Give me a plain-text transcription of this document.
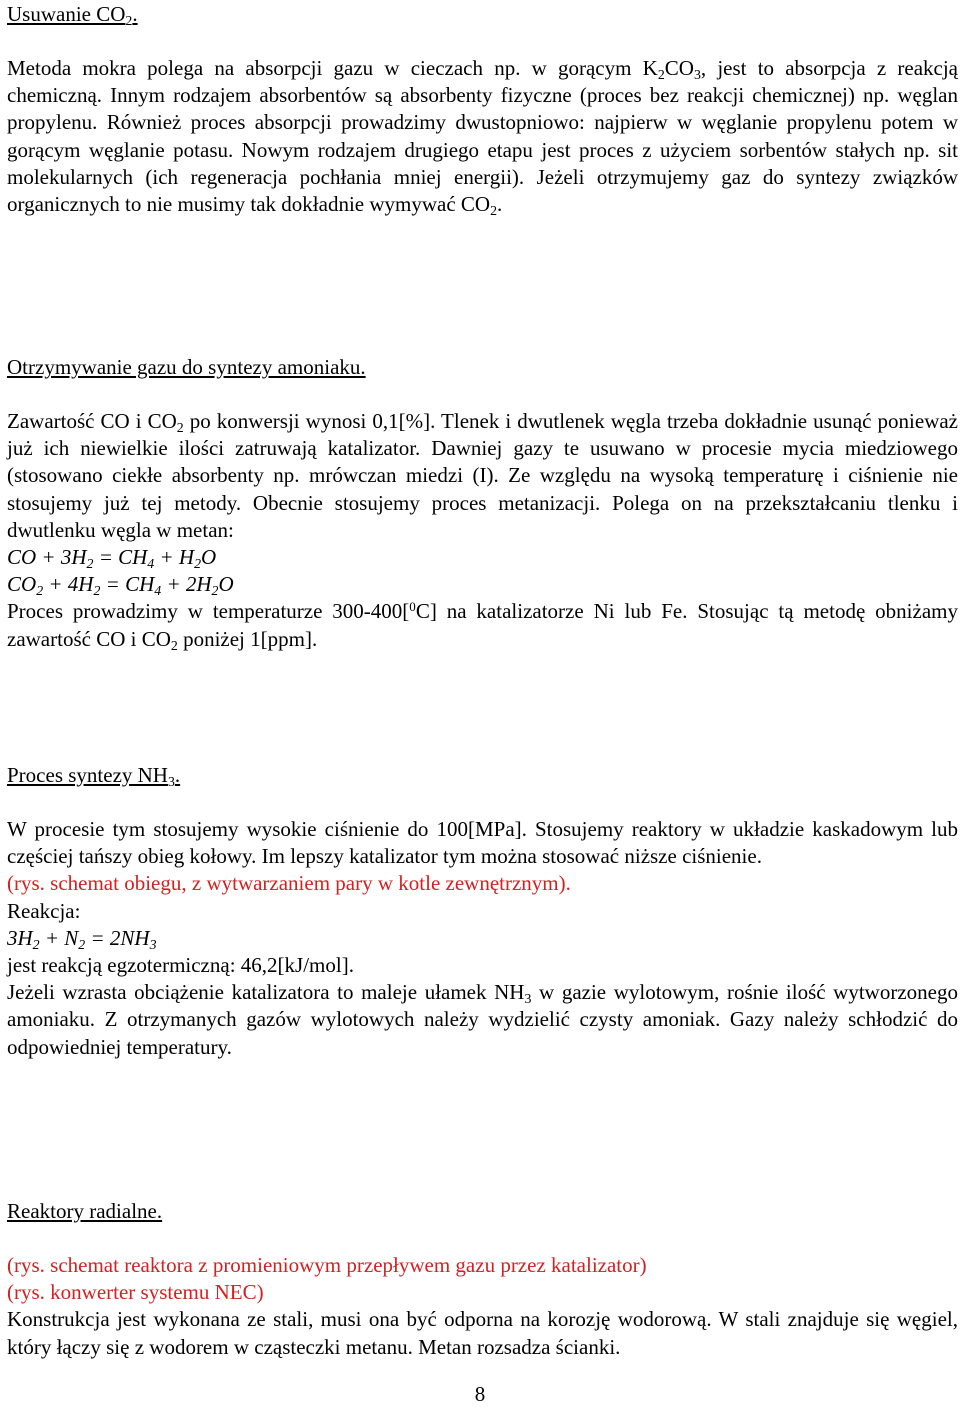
Usuwanie $CO_2$.

Metoda mokra polega na absorpcji gazu w cieczach np. w gorącym $K_2CO_3$, jest to absorpcja z reakcją chemiczną. Innym rodzajem absorbentów są absorbenty fizyczne (proces bez reakcji chemicznej) np. węglan propylenu. Również proces absorpcji prowadzimy dwustopniowo: najpierw w węglanie propylenu potem w gorącym węglanie potasu. Nowym rodzajem drugiego etapu jest proces z użyciem sorbentów stałych np. sit molekularnych (ich regeneracja pochłania mniej energii). Jeżeli otrzymujemy gaz do syntezy związków organicznych to nie musimy tak dokładnie wymywać $CO_2$.

Otrzymywanie gazu do syntezy amoniaku.

Zawartość CO i $CO_2$ po konwersji wynosi 0,1[%]. Tlenek i dwutlenek węgla trzeba dokładnie usunąć ponieważ już ich niewielkie ilości zatruwają katalizator. Dawniej gazy te usuwano w procesie mycia miedziowego (stosowano ciekłe absorbenty np. mrówczan miedzi (I). Ze względu na wysoką temperaturę i ciśnienie nie stosujemy już tej metody. Obecnie stosujemy proces metanizacji. Polega on na przekształcaniu tlenku i dwutlenku węgla w metan:

CO + $3H_2 = CH_4 + H_2O$

$CO_2 + 4H_2 = CH_4 + 2H_2O$

Proces prowadzimy w temperaturze 300-400[$^0$C] na katalizatorze Ni lub Fe. Stosując tą metodę obniżamy zawartość CO i $CO_2$ poniżej 1[ppm].

Proces syntezy $NH_3$.

W procesie tym stosujemy wysokie ciśnienie do 100[MPa]. Stosujemy reaktory w układzie kaskadowym lub częściej tańszy obieg kołowy. Im lepszy katalizator tym można stosować niższe ciśnienie.

(rys. schemat obiegu, z wytwarzaniem pary w kotle zewnętrznym).

Reakcja:

$3H_2 + N_2 = 2NH_3$

jest reakcją egzotermiczną: 46,2[kJ/mol].

Jeżeli wzrasta obciążenie katalizatora to maleje ułamek $NH_3$ w gazie wylotowym, rośnie ilość wytworzonego amoniaku. Z otrzymanych gazów wylotowych należy wydzielić czysty amoniak. Gazy należy schłodzić do odpowiedniej temperatury.

Reaktory radialne.

(rys. schemat reaktora z promieniowym przepływem gazu przez katalizator)

(rys. konwerter systemu NEC)

Konstrukcja jest wykonana ze stali, musi ona być odporna na korozję wodorową. W stali znajduje się węgiel, który łączy się z wodorem w cząsteczki metanu. Metan rozsadza ścianki.

8
